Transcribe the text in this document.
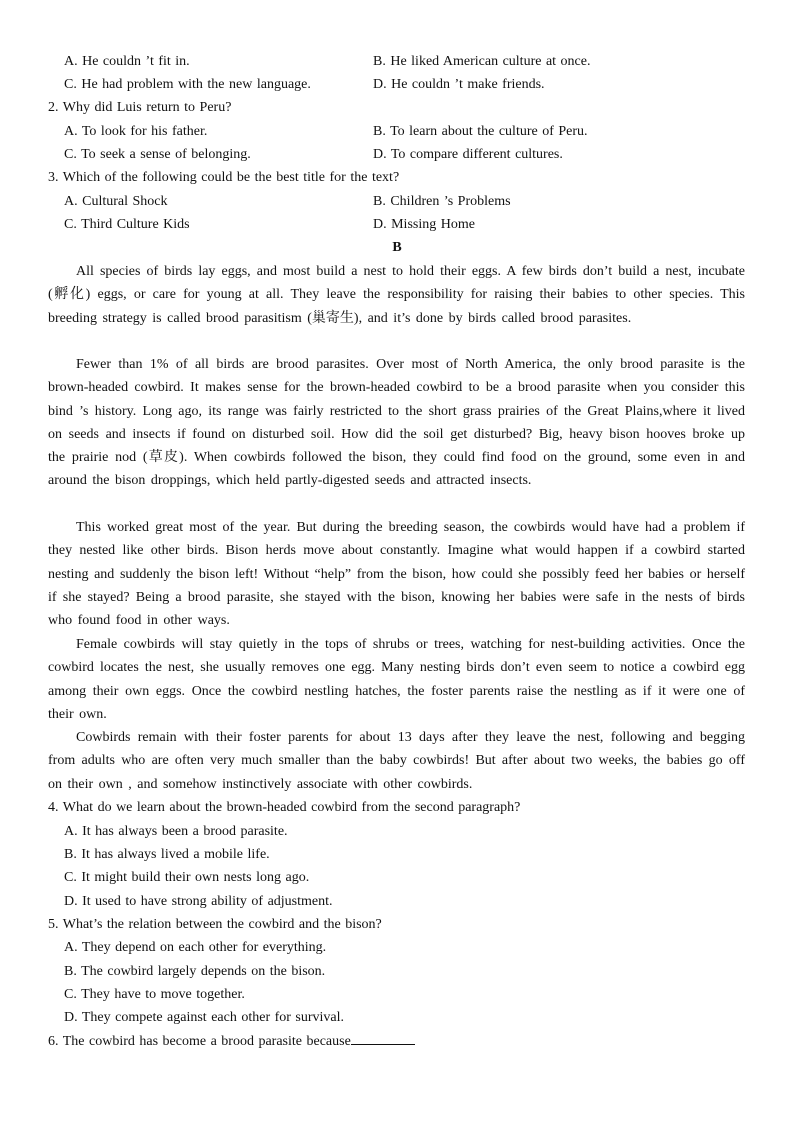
A. He couldn ’t fit in.	B. He liked American culture at once.
C. He had problem with the new language.	D. He couldn ’t make friends.
2. Why did Luis return to Peru?
A. To look for his father.	B. To learn about the culture of Peru.
C. To seek a sense of belonging.	D. To compare different cultures.
3. Which of the following could be the best title for the text?
A. Cultural Shock	B. Children ’s Problems
C. Third Culture Kids	D. Missing Home
B
All species of birds lay eggs, and most build a nest to hold their eggs. A few birds don’t build a nest, incubate (孵化) eggs, or care for young at all. They leave the responsibility for raising their babies to other species. This breeding strategy is called brood parasitism (巢寄生), and it’s done by birds called brood parasites.
Fewer than 1% of all birds are brood parasites. Over most of North America, the only brood parasite is the brown-headed cowbird. It makes sense for the brown-headed cowbird to be a brood parasite when you consider this bind ’s history. Long ago, its range was fairly restricted to the short grass prairies of the Great Plains,where it lived on seeds and insects if found on disturbed soil. How did the soil get disturbed? Big, heavy bison hooves broke up the prairie nod (草皮). When cowbirds followed the bison, they could find food on the ground, some even in and around the bison droppings, which held partly-digested seeds and attracted insects.
This worked great most of the year. But during the breeding season, the cowbirds would have had a problem if they nested like other birds. Bison herds move about constantly. Imagine what would happen if a cowbird started nesting and suddenly the bison left! Without “help” from the bison, how could she possibly feed her babies or herself if she stayed? Being a brood parasite, she stayed with the bison, knowing her babies were safe in the nests of birds who found food in other ways.
Female cowbirds will stay quietly in the tops of shrubs or trees, watching for nest-building activities. Once the cowbird locates the nest, she usually removes one egg. Many nesting birds don’t even seem to notice a cowbird egg among their own eggs. Once the cowbird nestling hatches, the foster parents raise the nestling as if it were one of their own.
Cowbirds remain with their foster parents for about 13 days after they leave the nest, following and begging from adults who are often very much smaller than the baby cowbirds! But after about two weeks, the babies go off on their own , and somehow instinctively associate with other cowbirds.
4. What do we learn about the brown-headed cowbird from the second paragraph?
A. It has always been a brood parasite.
B. It has always lived a mobile life.
C. It might build their own nests long ago.
D. It used to have strong ability of adjustment.
5. What’s the relation between the cowbird and the bison?
A. They depend on each other for everything.
B. The cowbird largely depends on the bison.
C. They have to move together.
D. They compete against each other for survival.
6. The cowbird has become a brood parasite because
